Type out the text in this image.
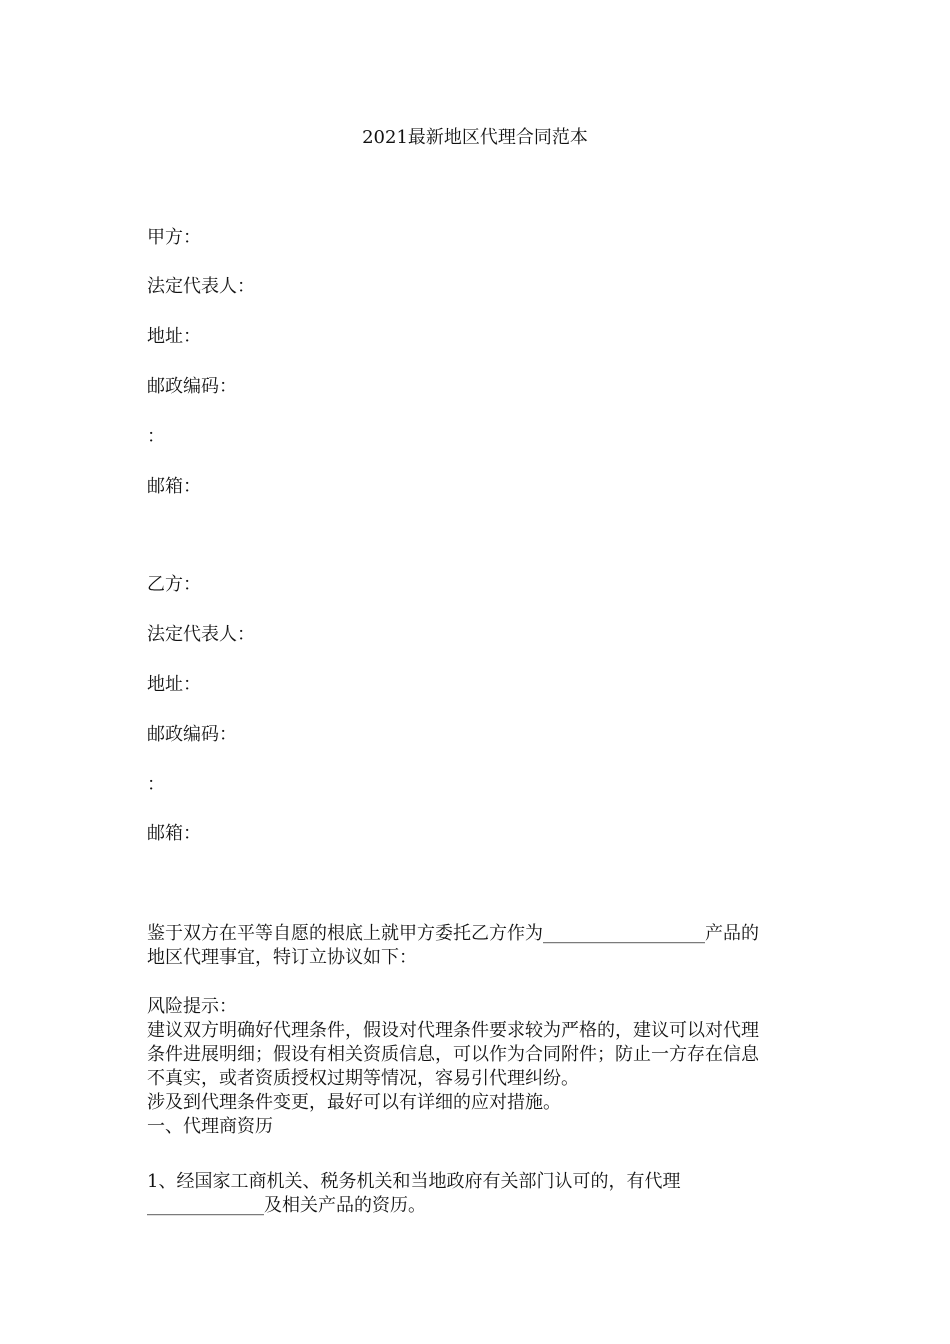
2021最新地区代理合同范本
甲方：
法定代表人：
地址：
邮政编码：
：
邮箱：
乙方：
法定代表人：
地址：
邮政编码：
：
邮箱：

鉴于双方在平等自愿的根底上就甲方委托乙方作为__________________产品的

地区代理事宜，特订立协议如下：

风险提示：

建议双方明确好代理条件，假设对代理条件要求较为严格的，建议可以对代理

条件进展明细；假设有相关资质信息，可以作为合同附件；防止一方存在信息

不真实，或者资质授权过期等情况，容易引代理纠纷。

涉及到代理条件变更，最好可以有详细的应对措施。

一、代理商资历

1、经国家工商机关、税务机关和当地政府有关部门认可的，有代理

_____________及相关产品的资历。
